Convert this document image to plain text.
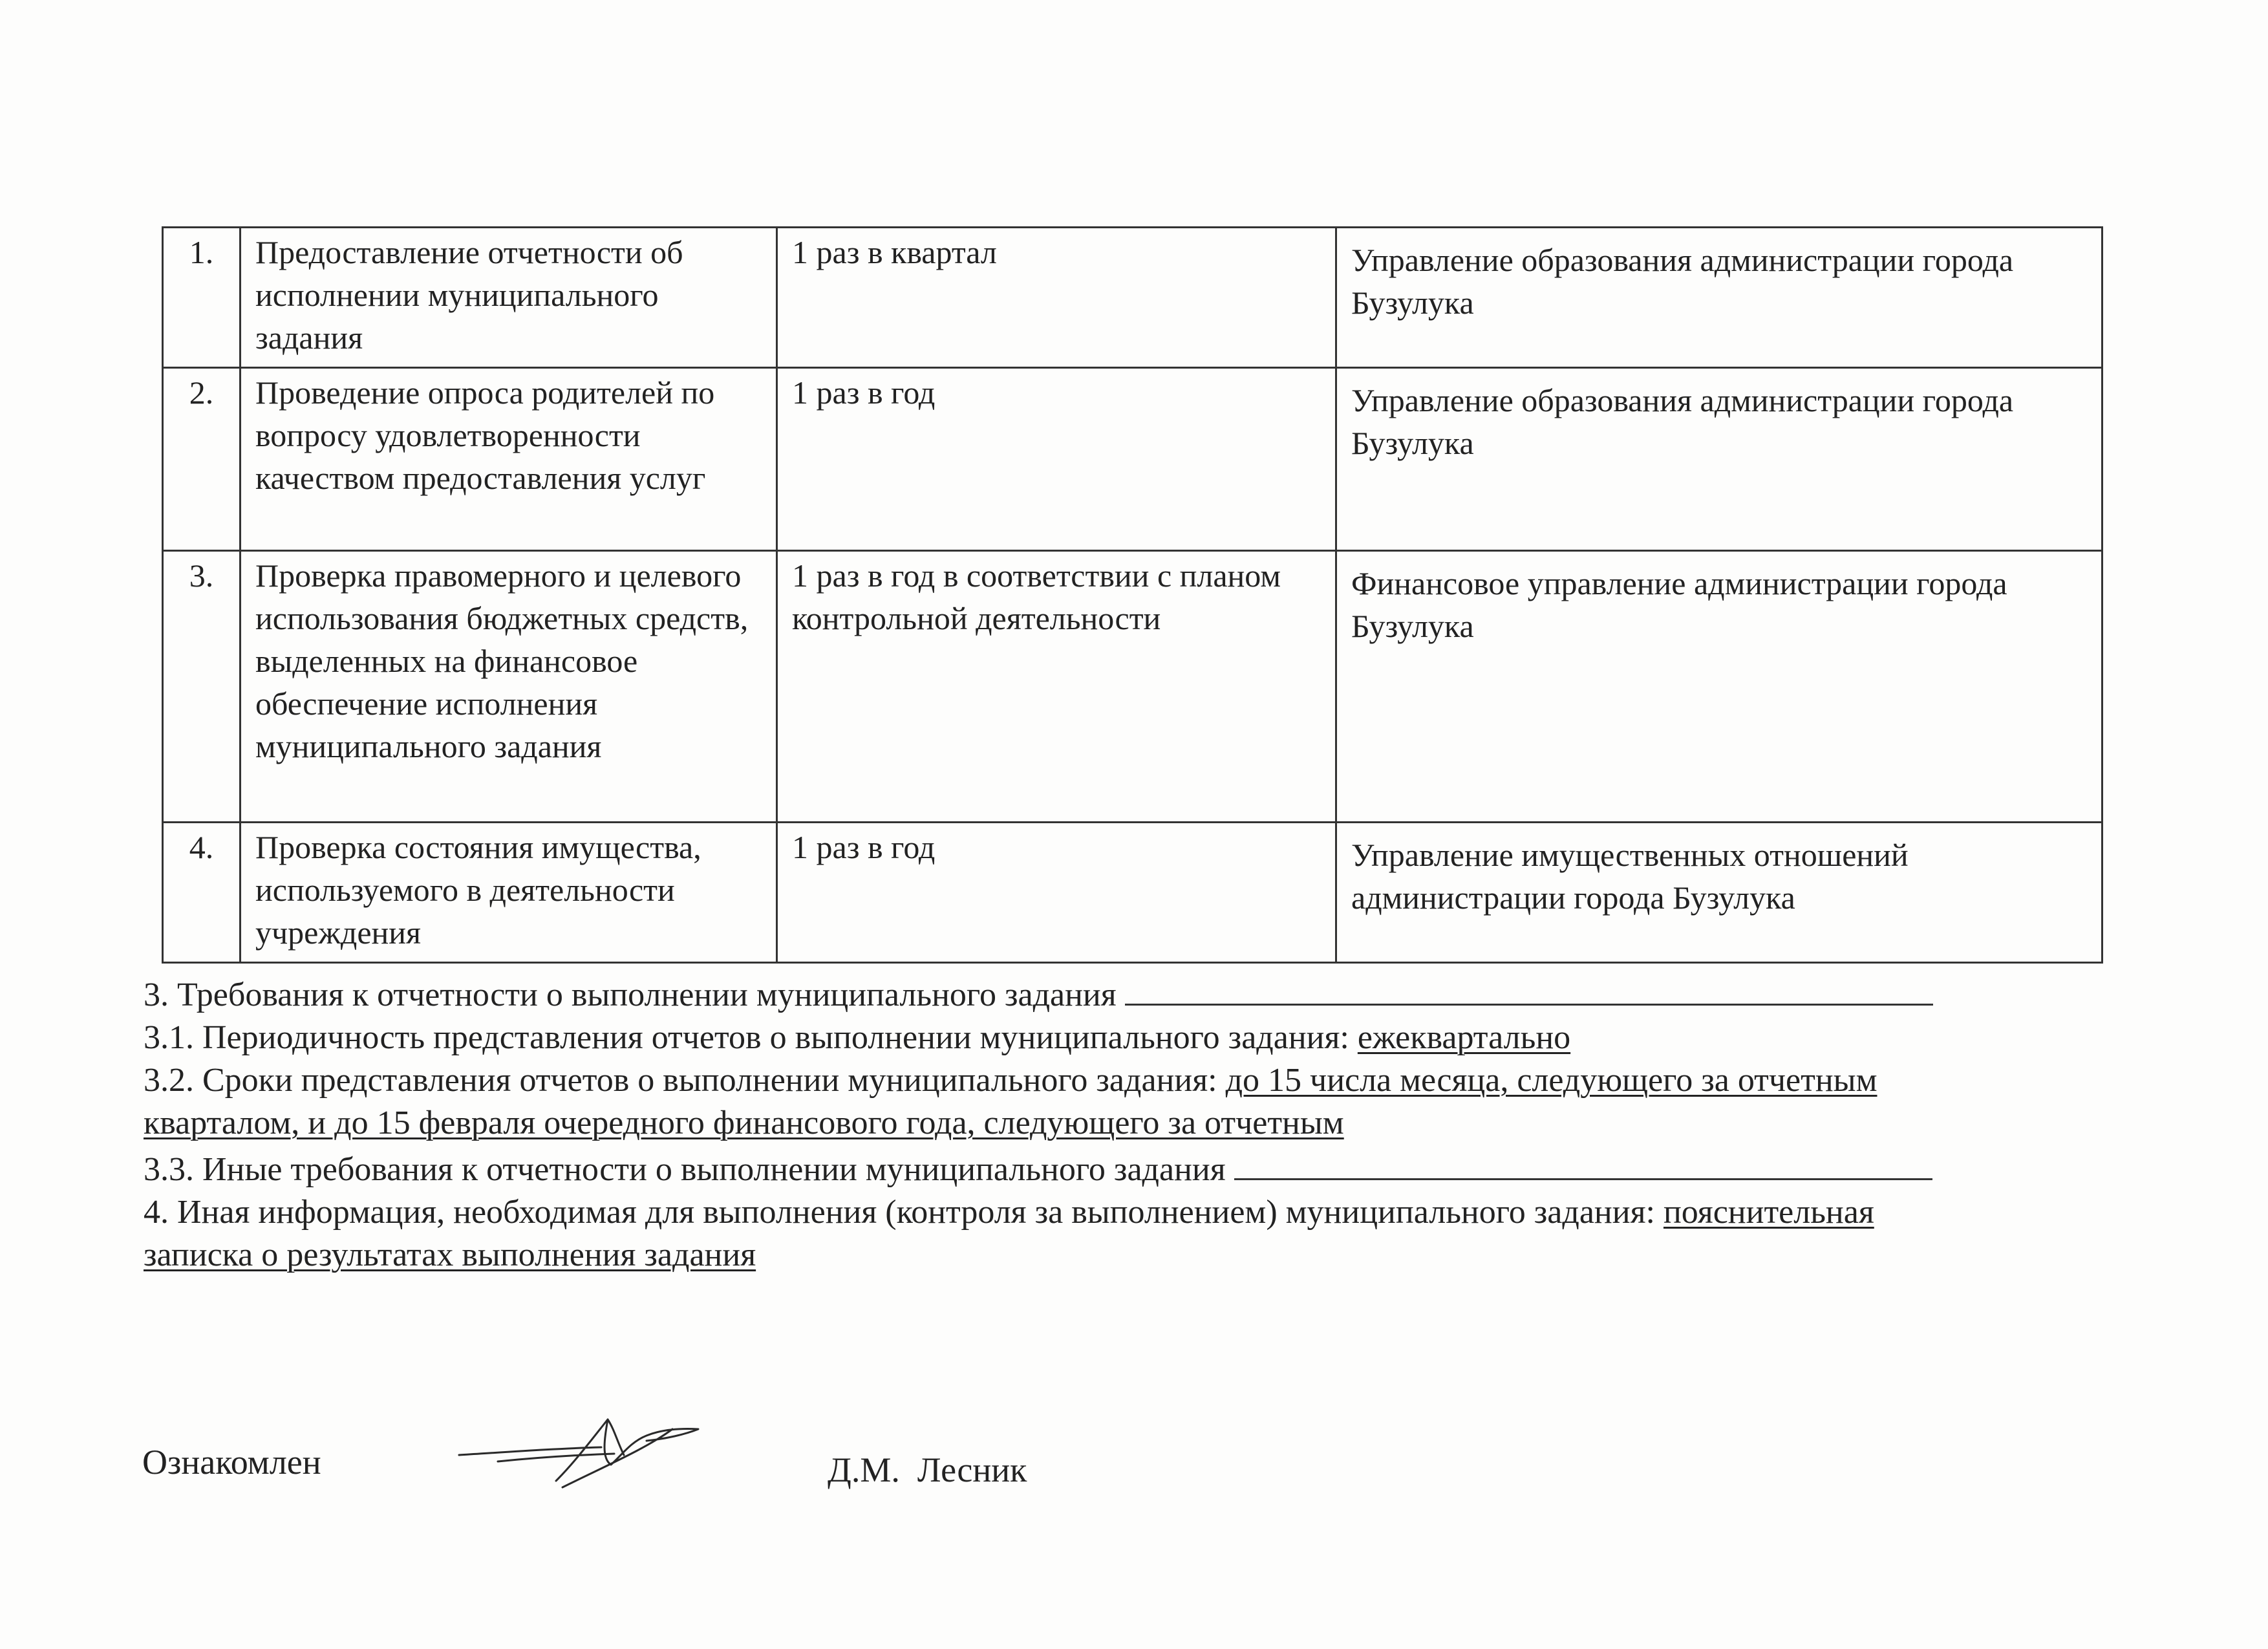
1.	Предоставление отчетности об исполнении муниципального задания	1 раз в квартал	Управление образования администрации города Бузулука
2.	Проведение опроса родителей по вопросу удовлетворенности качеством предоставления услуг	1 раз в год	Управление образования администрации города Бузулука
3.	Проверка правомерного и целевого использования бюджетных средств, выделенных на финансовое обеспечение исполнения муниципального задания	1 раз в год в соответствии с планом контрольной деятельности	Финансовое управление администрации города Бузулука
4.	Проверка состояния имущества, используемого в деятельности учреждения	1 раз в год	Управление имущественных отношений администрации города Бузулука
3. Требования к отчетности о выполнении муниципального задания
3.1. Периодичность представления отчетов о выполнении муниципального задания: ежеквартально
3.2. Сроки представления отчетов о выполнении муниципального задания: до 15 числа месяца, следующего за отчетным
кварталом, и до 15 февраля очередного финансового года, следующего за отчетным
3.3. Иные требования к отчетности о выполнении муниципального задания
4. Иная информация, необходимая для выполнения (контроля за выполнением) муниципального задания: пояснительная
записка о результатах выполнения задания
Ознакомлен	Д.М.  Лесник
